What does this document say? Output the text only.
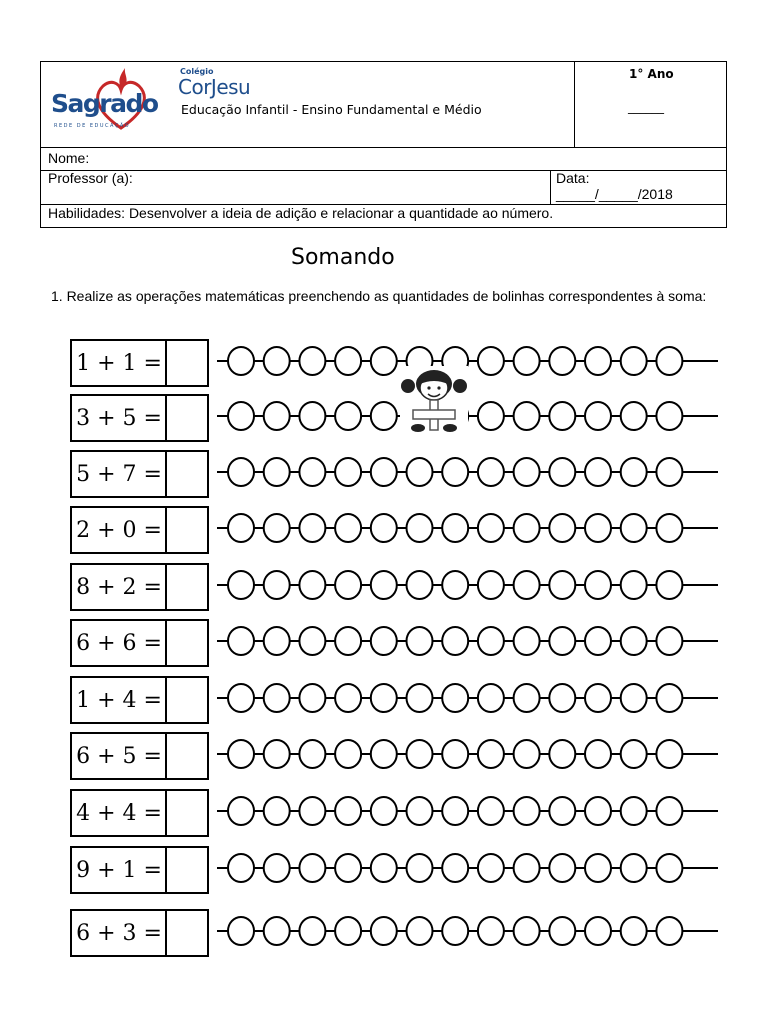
Sagrado
REDE DE EDUCAÇÃO
Colégio
CorJesu
Educação Infantil - Ensino Fundamental e Médio
1° Ano
______
Nome:
Professor (a):	Data:
_____/_____/2018
Habilidades: Desenvolver a ideia de adição e relacionar a quantidade ao número.
Somando
1. Realize as operações matemáticas preenchendo as quantidades de bolinhas correspondentes à soma:
1 + 1 =
3 + 5 =
5 + 7 =
2 + 0 =
8 + 2 =
6 + 6 =
1 + 4 =
6 + 5 =
4 + 4 =
9 + 1 =
6 + 3 =
